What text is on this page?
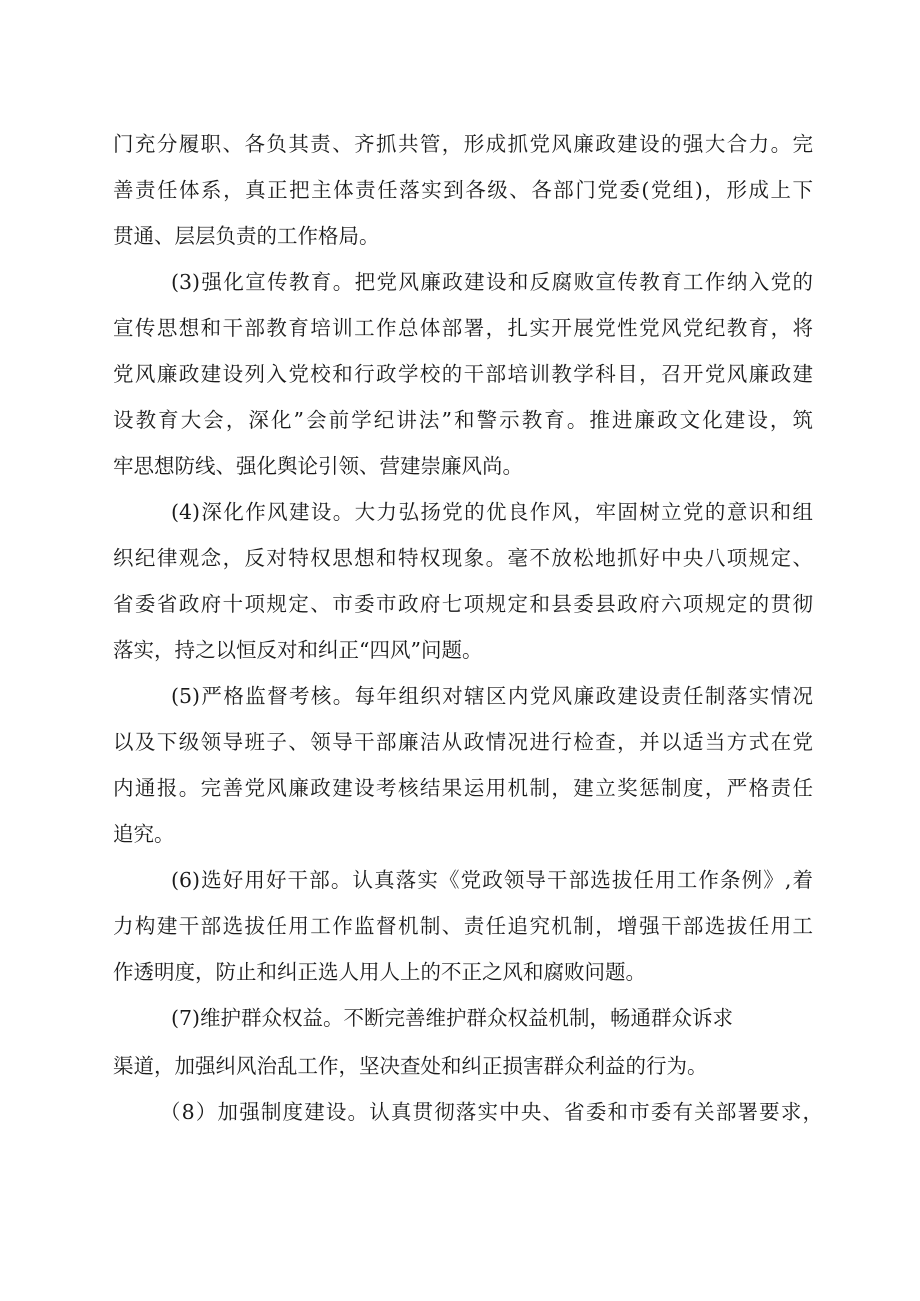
门充分履职、各负其责、齐抓共管，形成抓党风廉政建设的强大合力。完
善责任体系，真正把主体责任落实到各级、各部门党委(党组)，形成上下
贯通、层层负责的工作格局。
(3)强化宣传教育。把党风廉政建设和反腐败宣传教育工作纳入党的
宣传思想和干部教育培训工作总体部署，扎实开展党性党风党纪教育，将
党风廉政建设列入党校和行政学校的干部培训教学科目，召开党风廉政建
设教育大会，深化”会前学纪讲法”和警示教育。推进廉政文化建设，筑
牢思想防线、强化舆论引领、营建崇廉风尚。
(4)深化作风建设。大力弘扬党的优良作风，牢固树立党的意识和组
织纪律观念，反对特权思想和特权现象。毫不放松地抓好中央八项规定、
省委省政府十项规定、市委市政府七项规定和县委县政府六项规定的贯彻
落实，持之以恒反对和纠正“四风”问题。
(5)严格监督考核。每年组织对辖区内党风廉政建设责任制落实情况
以及下级领导班子、领导干部廉洁从政情况进行检查，并以适当方式在党
内通报。完善党风廉政建设考核结果运用机制，建立奖惩制度，严格责任
追究。
(6)选好用好干部。认真落实《党政领导干部选拔任用工作条例》,着
力构建干部选拔任用工作监督机制、责任追究机制，增强干部选拔任用工
作透明度，防止和纠正选人用人上的不正之风和腐败问题。
(7)维护群众权益。不断完善维护群众权益机制，畅通群众诉求
渠道，加强纠风治乱工作，坚决查处和纠正损害群众利益的行为。
（8）加强制度建设。认真贯彻落实中央、省委和市委有关部署要求，
